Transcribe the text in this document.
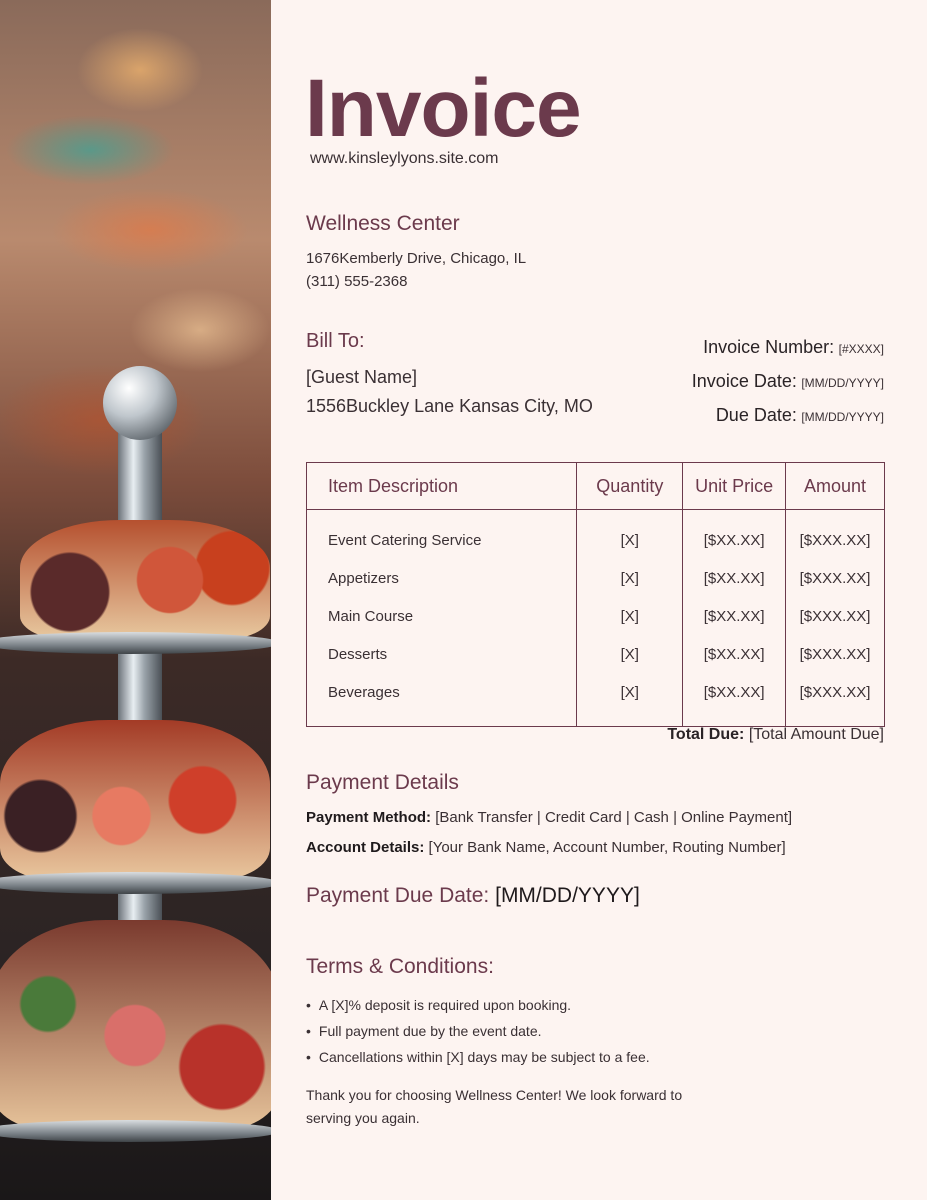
Invoice
www.kinsleylyons.site.com
Wellness Center
1676Kemberly Drive, Chicago, IL
(311) 555-2368
Bill To:
[Guest Name]
1556Buckley Lane Kansas City, MO
Invoice Number: [#XXXX]
Invoice Date: [MM/DD/YYYY]
Due Date: [MM/DD/YYYY]
Item Description	Quantity	Unit Price	Amount
Event Catering Service	[X]	[$XX.XX]	[$XXX.XX]
Appetizers	[X]	[$XX.XX]	[$XXX.XX]
Main Course	[X]	[$XX.XX]	[$XXX.XX]
Desserts	[X]	[$XX.XX]	[$XXX.XX]
Beverages	[X]	[$XX.XX]	[$XXX.XX]
Total Due: [Total Amount Due]
Payment Details
Payment Method: [Bank Transfer | Credit Card | Cash | Online Payment]
Account Details: [Your Bank Name, Account Number, Routing Number]
Payment Due Date: [MM/DD/YYYY]
Terms & Conditions:
• A [X]% deposit is required upon booking.
• Full payment due by the event date.
• Cancellations within [X] days may be subject to a fee.
Thank you for choosing Wellness Center! We look forward to serving you again.
